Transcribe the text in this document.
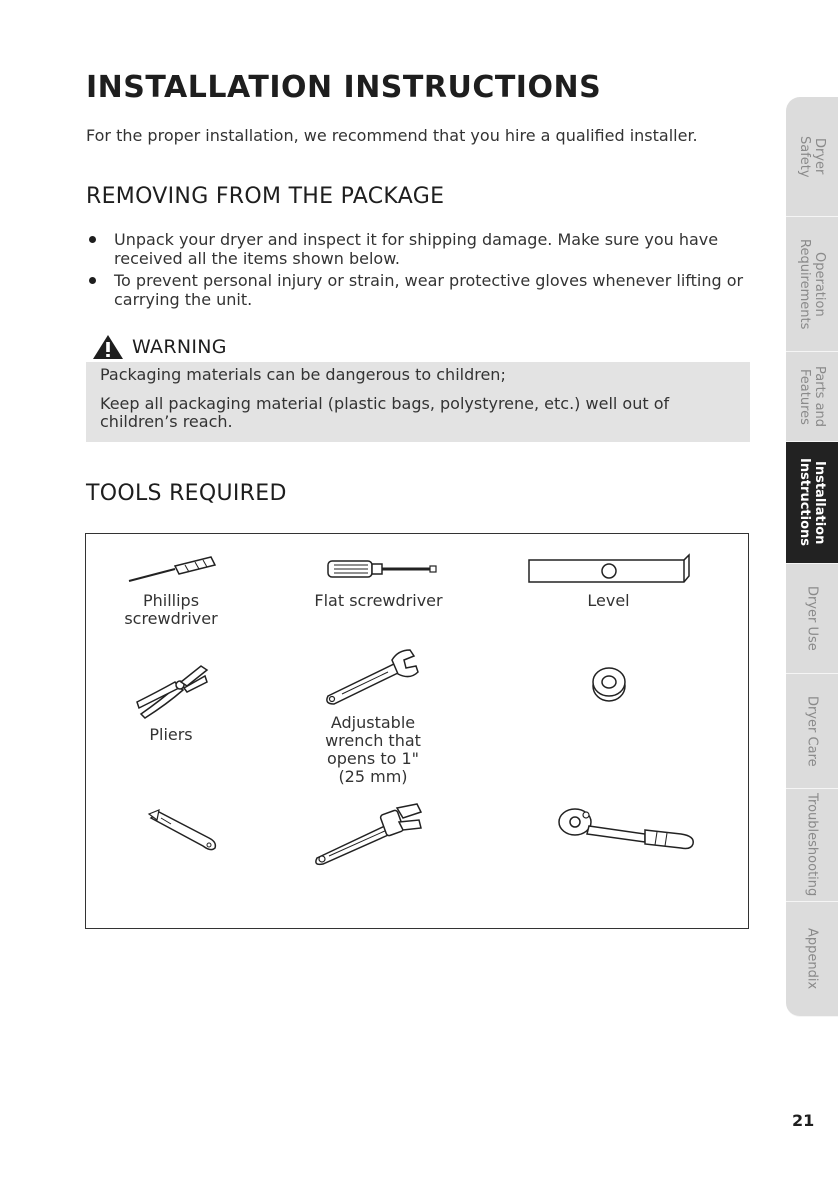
INSTALLATION INSTRUCTIONS
For the proper installation, we recommend that you hire a qualified installer.
REMOVING FROM THE PACKAGE
Unpack your dryer and inspect it for shipping damage. Make sure you have received all the items shown below.
To prevent personal injury or strain, wear protective gloves whenever lifting or carrying the unit.
WARNING

Packaging materials can be dangerous to children;

Keep all packaging material (plastic bags, polystyrene, etc.) well out of children’s reach.

TOOLS REQUIRED
Phillips
screwdriver
Flat screwdriver	Level
Pliers
Adjustable
wrench that
opens to 1"
(25 mm)
Dryer
Safety
Operation
Requirements
Parts and
Features
Installation
Instructions
Dryer Use
Dryer Care
Troubleshooting
Appendix
21
